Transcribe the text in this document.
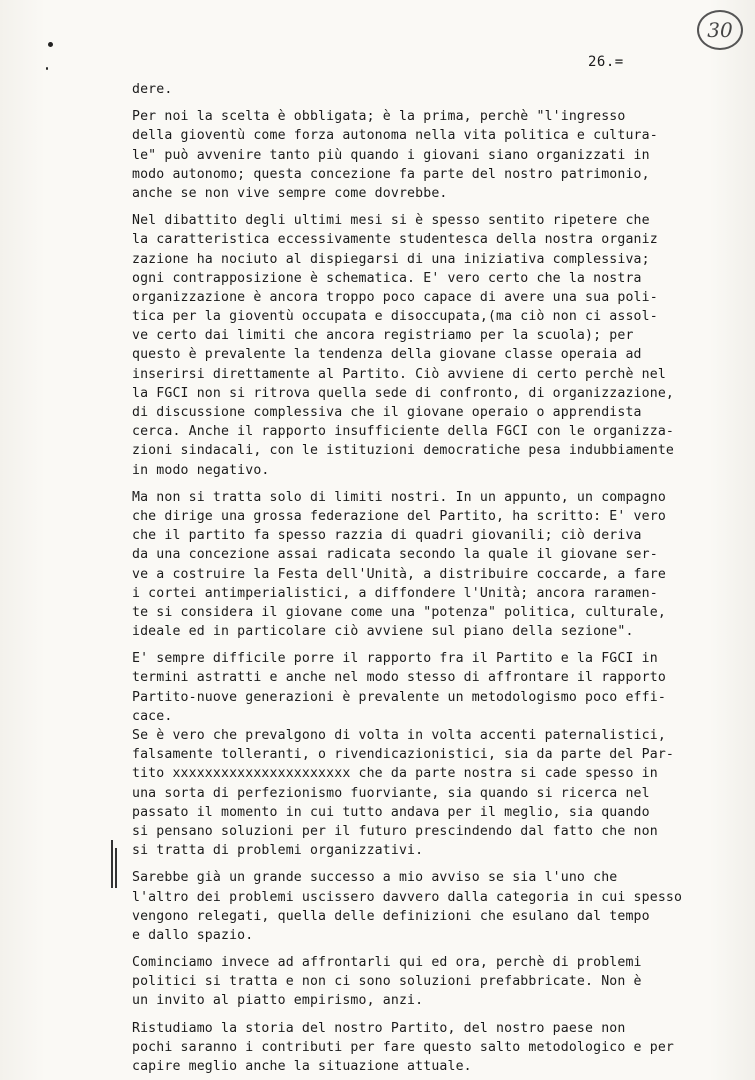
30
26.=
dere.
Per noi la scelta è obbligata; è la prima, perchè "l'ingresso
della gioventù come forza autonoma nella vita politica e cultura-
le" può avvenire tanto più quando i giovani siano organizzati in
modo autonomo; questa concezione fa parte del nostro patrimonio,
anche se non vive sempre come dovrebbe.
Nel dibattito degli ultimi mesi si è spesso sentito ripetere che
la caratteristica eccessivamente studentesca della nostra organiz
zazione ha nociuto al dispiegarsi di una iniziativa complessiva;
ogni contrapposizione è schematica. E' vero certo che la nostra
organizzazione è ancora troppo poco capace di avere una sua poli-
tica per la gioventù occupata e disoccupata,(ma ciò non ci assol-
ve certo dai limiti che ancora registriamo per la scuola); per
questo è prevalente la tendenza della giovane classe operaia ad
inserirsi direttamente al Partito. Ciò avviene di certo perchè nel
la FGCI non si ritrova quella sede di confronto, di organizzazione,
di discussione complessiva che il giovane operaio o apprendista
cerca. Anche il rapporto insufficiente della FGCI con le organizza-
zioni sindacali, con le istituzioni democratiche pesa indubbiamente
in modo negativo.
Ma non si tratta solo di limiti nostri. In un appunto, un compagno
che dirige una grossa federazione del Partito, ha scritto: E' vero
che il partito fa spesso razzia di quadri giovanili; ciò deriva
da una concezione assai radicata secondo la quale il giovane ser-
ve a costruire la Festa dell'Unità, a distribuire coccarde, a fare
i cortei antimperialistici, a diffondere l'Unità; ancora raramen-
te si considera il giovane come una "potenza" politica, culturale,
ideale ed in particolare ciò avviene sul piano della sezione".
E' sempre difficile porre il rapporto fra il Partito e la FGCI in
termini astratti e anche nel modo stesso di affrontare il rapporto
Partito-nuove generazioni è prevalente un metodologismo poco effi-
cace.
Se è vero che prevalgono di volta in volta accenti paternalistici,
falsamente tolleranti, o rivendicazionistici, sia da parte del Par-
tito xxxxxxxxxxxxxxxxxxxxxx che da parte nostra si cade spesso in
una sorta di perfezionismo fuorviante, sia quando si ricerca nel
passato il momento in cui tutto andava per il meglio, sia quando
si pensano soluzioni per il futuro prescindendo dal fatto che non
si tratta di problemi organizzativi.
Sarebbe già un grande successo a mio avviso se sia l'uno che
l'altro dei problemi uscissero davvero dalla categoria in cui spesso
vengono relegati, quella delle definizioni che esulano dal tempo
e dallo spazio.
Cominciamo invece ad affrontarli qui ed ora, perchè di problemi
politici si tratta e non ci sono soluzioni prefabbricate. Non è
un invito al piatto empirismo, anzi.
Ristudiamo la storia del nostro Partito, del nostro paese non
pochi saranno i contributi per fare questo salto metodologico e per
capire meglio anche la situazione attuale.
